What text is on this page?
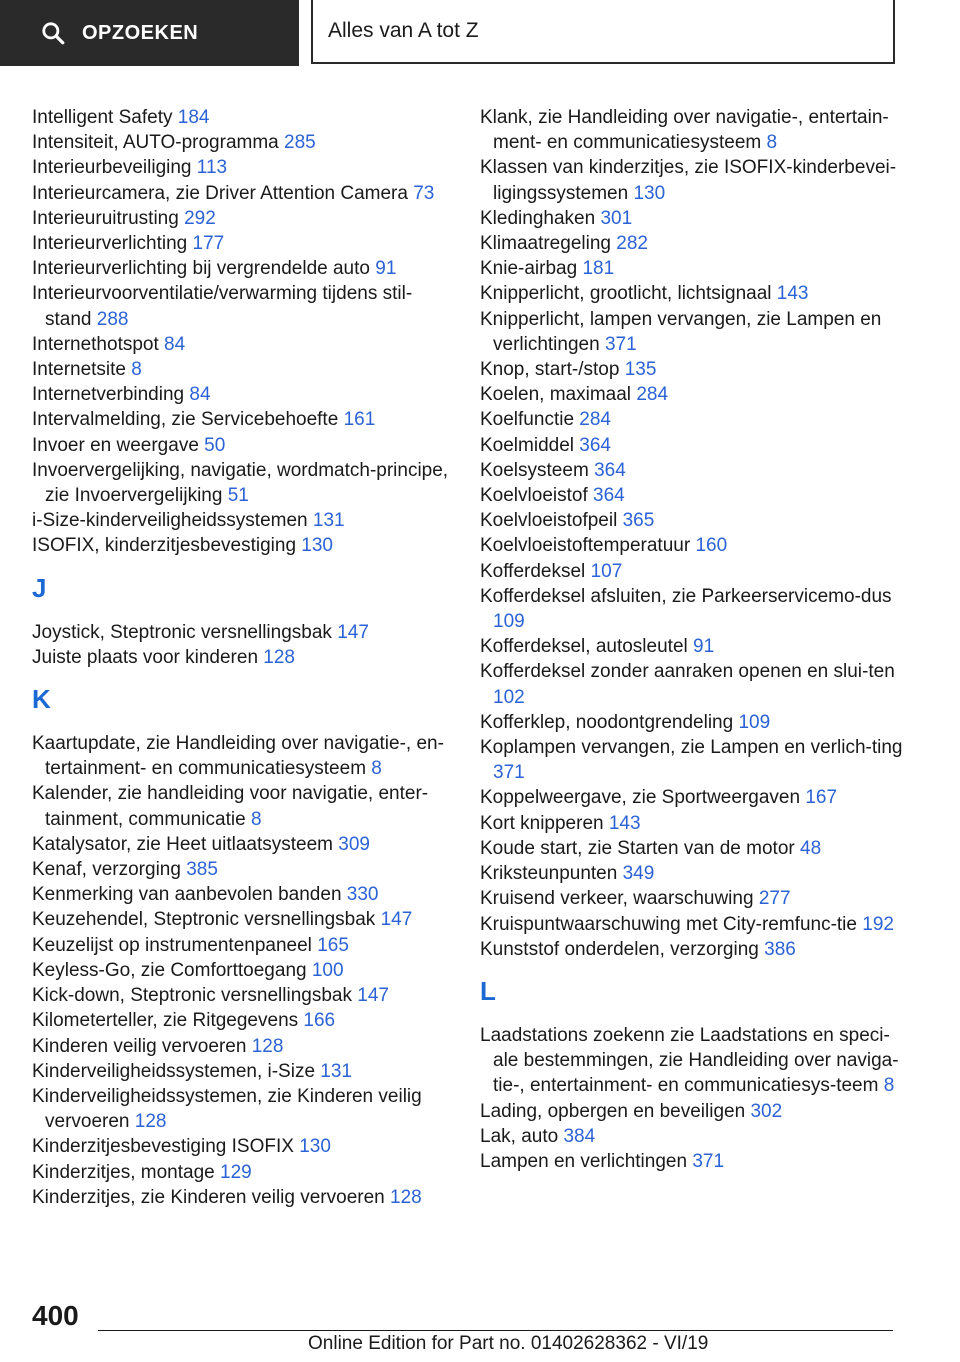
OPZOEKEN	Alles van A tot Z
Intelligent Safety 184
Intensiteit, AUTO-programma 285
Interieurbeveiliging 113
Interieurcamera, zie Driver Attention Camera 73
Interieuruitrusting 292
Interieurverlichting 177
Interieurverlichting bij vergrendelde auto 91
Interieurvoorventilatie/verwarming tijdens stil-stand 288
Internethotspot 84
Internetsite 8
Internetverbinding 84
Intervalmelding, zie Servicebehoefte 161
Invoer en weergave 50
Invoervergelijking, navigatie, wordmatch-principe, zie Invoervergelijking 51
i-Size-kinderveiligheidssystemen 131
ISOFIX, kinderzitjesbevestiging 130
J
Joystick, Steptronic versnellingsbak 147
Juiste plaats voor kinderen 128
K
Kaartupdate, zie Handleiding over navigatie-, en-tertainment- en communicatiesysteem 8
Kalender, zie handleiding voor navigatie, enter-tainment, communicatie 8
Katalysator, zie Heet uitlaatsysteem 309
Kenaf, verzorging 385
Kenmerking van aanbevolen banden 330
Keuzehendel, Steptronic versnellingsbak 147
Keuzelijst op instrumentenpaneel 165
Keyless-Go, zie Comforttoegang 100
Kick-down, Steptronic versnellingsbak 147
Kilometerteller, zie Ritgegevens 166
Kinderen veilig vervoeren 128
Kinderveiligheidssystemen, i-Size 131
Kinderveiligheidssystemen, zie Kinderen veilig vervoeren 128
Kinderzitjesbevestiging ISOFIX 130
Kinderzitjes, montage 129
Kinderzitjes, zie Kinderen veilig vervoeren 128
Klank, zie Handleiding over navigatie-, entertain-ment- en communicatiesysteem 8
Klassen van kinderzitjes, zie ISOFIX-kinderbevei-ligingssystemen 130
Kledinghaken 301
Klimaatregeling 282
Knie-airbag 181
Knipperlicht, grootlicht, lichtsignaal 143
Knipperlicht, lampen vervangen, zie Lampen en verlichtingen 371
Knop, start-/stop 135
Koelen, maximaal 284
Koelfunctie 284
Koelmiddel 364
Koelsysteem 364
Koelvloeistof 364
Koelvloeistofpeil 365
Koelvloeistoftemperatuur 160
Kofferdeksel 107
Kofferdeksel afsluiten, zie Parkeerservicemo-dus 109
Kofferdeksel, autosleutel 91
Kofferdeksel zonder aanraken openen en slui-ten 102
Kofferklep, noodontgrendeling 109
Koplampen vervangen, zie Lampen en verlich-ting 371
Koppelweergave, zie Sportweergaven 167
Kort knipperen 143
Koude start, zie Starten van de motor 48
Kriksteunpunten 349
Kruisend verkeer, waarschuwing 277
Kruispuntwaarschuwing met City-remfunc-tie 192
Kunststof onderdelen, verzorging 386
L
Laadstations zoekenn zie Laadstations en speci-ale bestemmingen, zie Handleiding over naviga-tie-, entertainment- en communicatiesys-teem 8
Lading, opbergen en beveiligen 302
Lak, auto 384
Lampen en verlichtingen 371
400
Online Edition for Part no. 01402628362 - VI/19
